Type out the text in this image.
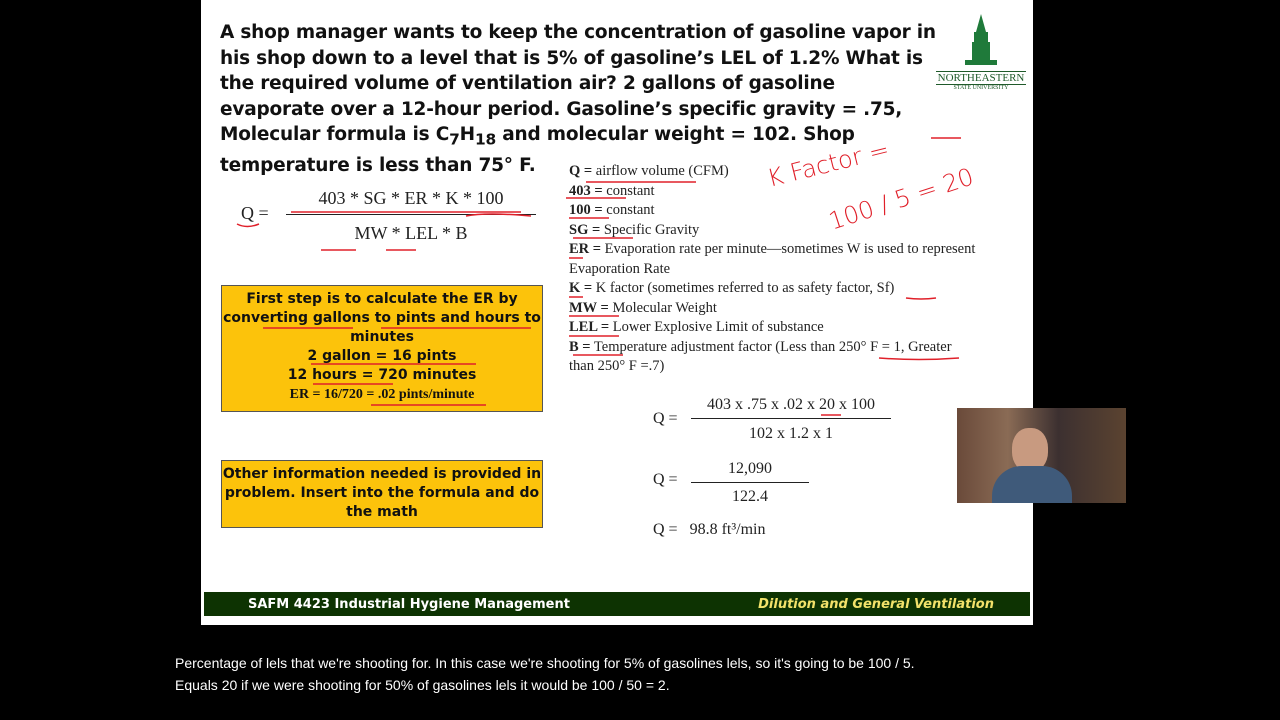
A shop manager wants to keep the concentration of gasoline vapor in his shop down to a level that is 5% of gasoline’s LEL of 1.2% What is the required volume of ventilation air? 2 gallons of gasoline evaporate over a 12-hour period. Gasoline’s specific gravity = .75, Molecular formula is $C_7H_{18}$ and molecular weight = 102. Shop temperature is less than 75° F.
NORTHEASTERN
STATE UNIVERSITY
Q =
403 * SG * ER * K * 100
MW * LEL * B
Q = airflow volume (CFM)
403 = constant
100 = constant
SG = Specific Gravity
ER = Evaporation rate per minute—sometimes W is used to represent Evaporation Rate
K = K factor (sometimes referred to as safety factor, Sf)
MW = Molecular Weight
LEL = Lower Explosive Limit of substance
B = Temperature adjustment factor (Less than 250° F = 1, Greater than 250° F =.7)
First step is to calculate the ER by converting gallons to pints and hours to minutes
2 gallon = 16 pints
12 hours = 720 minutes
ER = 16/720 = .02 pints/minute
Other information needed is provided in problem. Insert into the formula and do the math
$Q = \frac{403 x .75 x .02 x 20 x 100}{102 x 1.2 x 1}$
$Q = \frac{12,090}{122.4}$
Q = 98.8 ft³/min
K Factor =
100 / 5 = 20
SAFM 4423 Industrial Hygiene Management	Dilution and General Ventilation
Percentage of lels that we're shooting for. In this case we're shooting for 5% of gasolines lels, so it's going to be 100 / 5.
Equals 20 if we were shooting for 50% of gasolines lels it would be 100 / 50 = 2.
